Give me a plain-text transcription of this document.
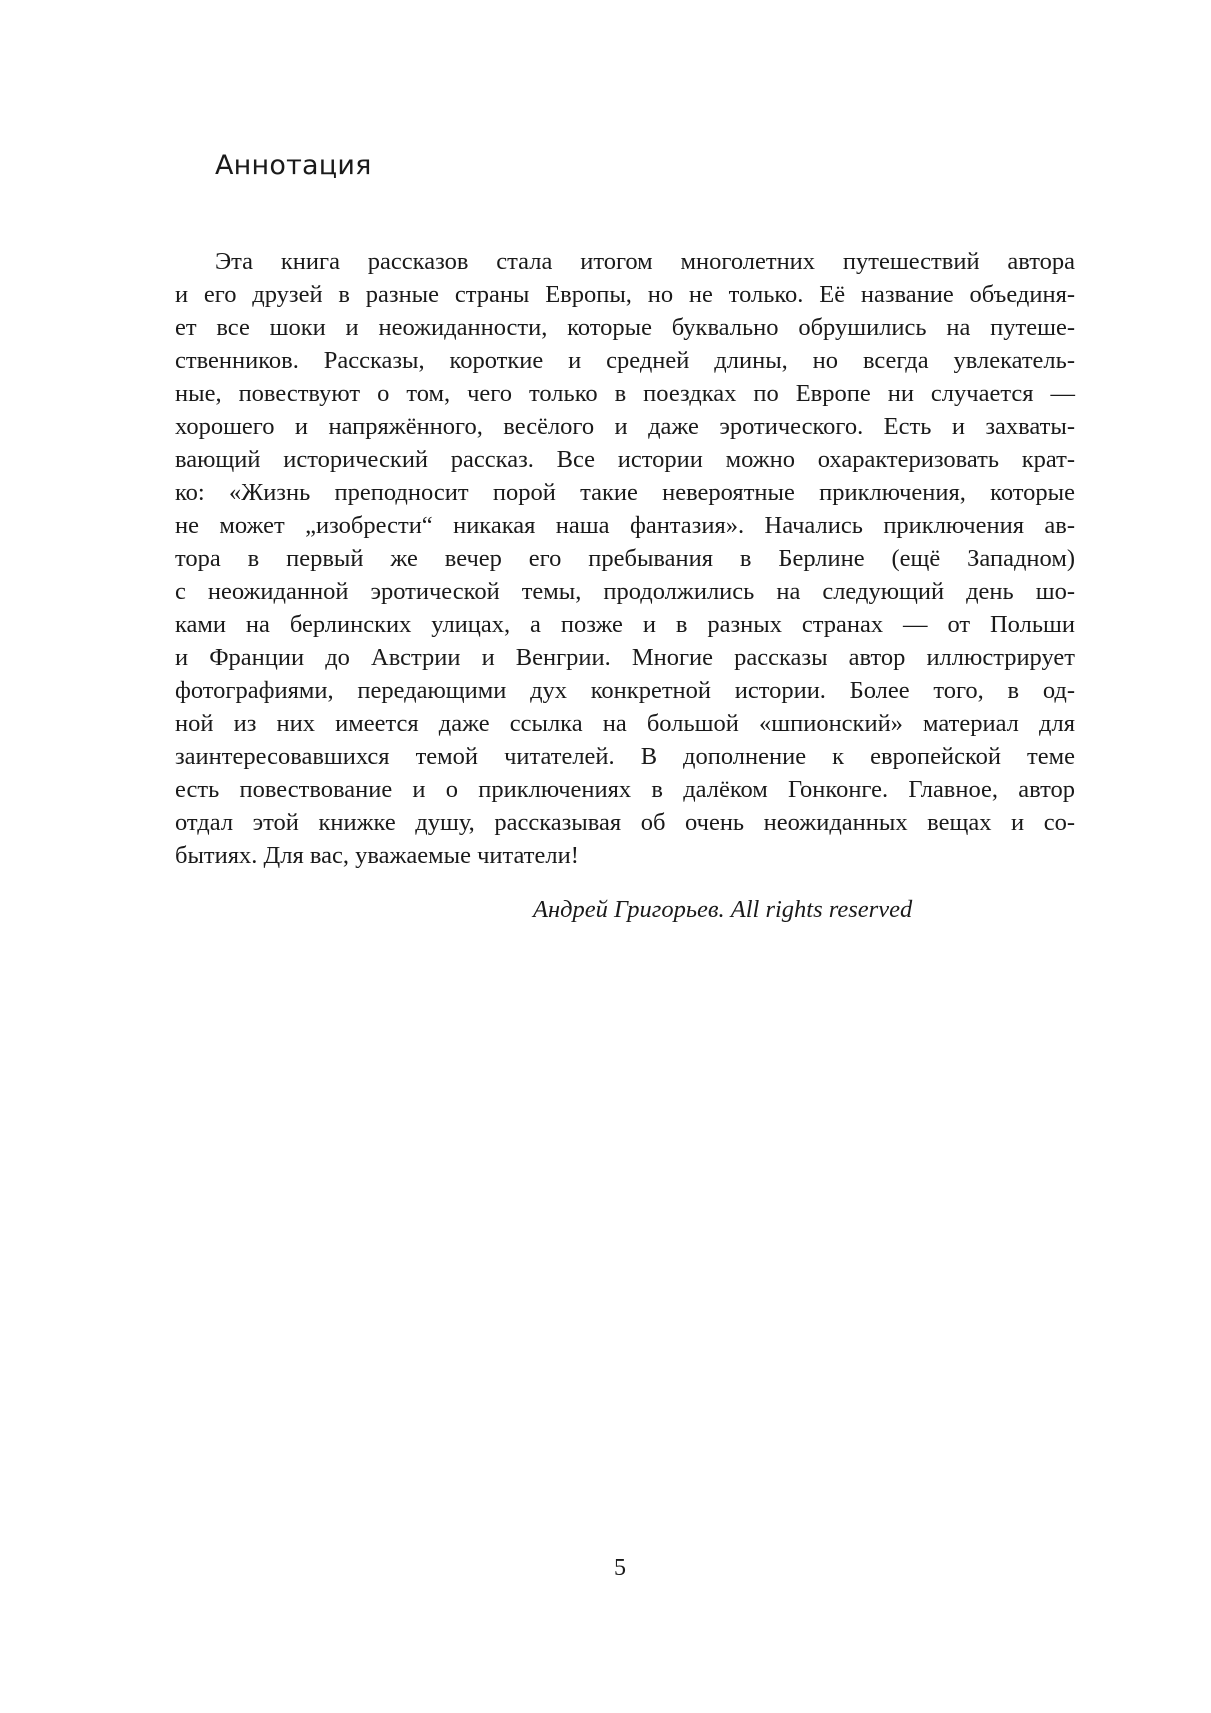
Аннотация
Эта книга рассказов стала итогом многолетних путешествий автора
и его друзей в разные страны Европы, но не только. Её название объединя-
ет все шоки и неожиданности, которые буквально обрушились на путеше-
ственников. Рассказы, короткие и средней длины, но всегда увлекатель-
ные, повествуют о том, чего только в поездках по Европе ни случается —
хорошего и напряжённого, весёлого и даже эротического. Есть и захваты-
вающий исторический рассказ. Все истории можно охарактеризовать крат-
ко: «Жизнь преподносит порой такие невероятные приключения, которые
не может „изобрести“ никакая наша фантазия». Начались приключения ав-
тора в первый же вечер его пребывания в Берлине (ещё Западном)
с неожиданной эротической темы, продолжились на следующий день шо-
ками на берлинских улицах, а позже и в разных странах — от Польши
и Франции до Австрии и Венгрии. Многие рассказы автор иллюстрирует
фотографиями, передающими дух конкретной истории. Более того, в од-
ной из них имеется даже ссылка на большой «шпионский» материал для
заинтересовавшихся темой читателей. В дополнение к европейской теме
есть повествование и о приключениях в далёком Гонконге. Главное, автор
отдал этой книжке душу, рассказывая об очень неожиданных вещах и со-
бытиях. Для вас, уважаемые читатели!
Андрей Григорьев. All rights reserved
5
